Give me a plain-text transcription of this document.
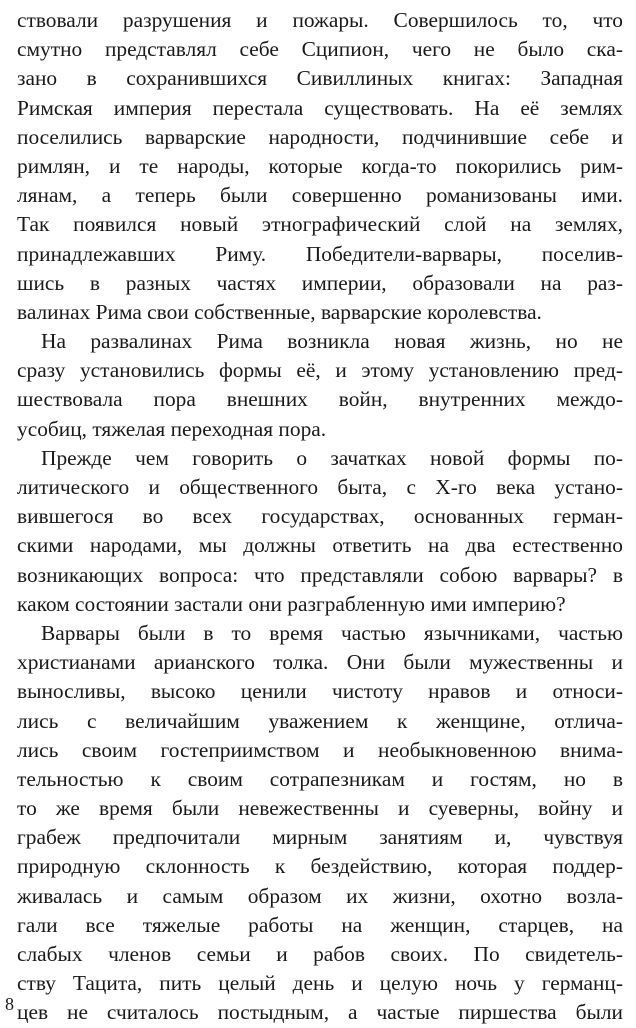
ствовали разрушения и пожары. Совершилось то, что
смутно представлял себе Сципион, чего не было ска-
зано в сохранившихся Сивиллиных книгах: Западная
Римская империя перестала существовать. На её землях
поселились варварские народности, подчинившие себе и
римлян, и те народы, которые когда-то покорились рим-
лянам, а теперь были совершенно романизованы ими.
Так появился новый этнографический слой на землях,
принадлежавших Риму. Победители-варвары, поселив-
шись в разных частях империи, образовали на раз-
валинах Рима свои собственные, варварские королевства.
На развалинах Рима возникла новая жизнь, но не
сразу установились формы её, и этому установлению пред-
шествовала пора внешних войн, внутренних междо-
усобиц, тяжелая переходная пора.
Прежде чем говорить о зачатках новой формы по-
литического и общественного быта, с X-го века устано-
вившегося во всех государствах, основанных герман-
скими народами, мы должны ответить на два естественно
возникающих вопроса: что представляли собою варвары? в
каком состоянии застали они разграбленную ими империю?
Варвары были в то время частью язычниками, частью
христианами арианского толка. Они были мужественны и
выносливы, высоко ценили чистоту нравов и относи-
лись с величайшим уважением к женщине, отлича-
лись своим гостеприимством и необыкновенною внима-
тельностью к своим сотрапезникам и гостям, но в
то же время были невежественны и суеверны, войну и
грабеж предпочитали мирным занятиям и, чувствуя
природную склонность к бездействию, которая поддер-
живалась и самым образом их жизни, охотно возла-
гали все тяжелые работы на женщин, старцев, на
слабых членов семьи и рабов своих. По свидетель-
ству Тацита, пить целый день и целую ночь у германц-
цев не считалось постыдным, а частые пиршества были
8
